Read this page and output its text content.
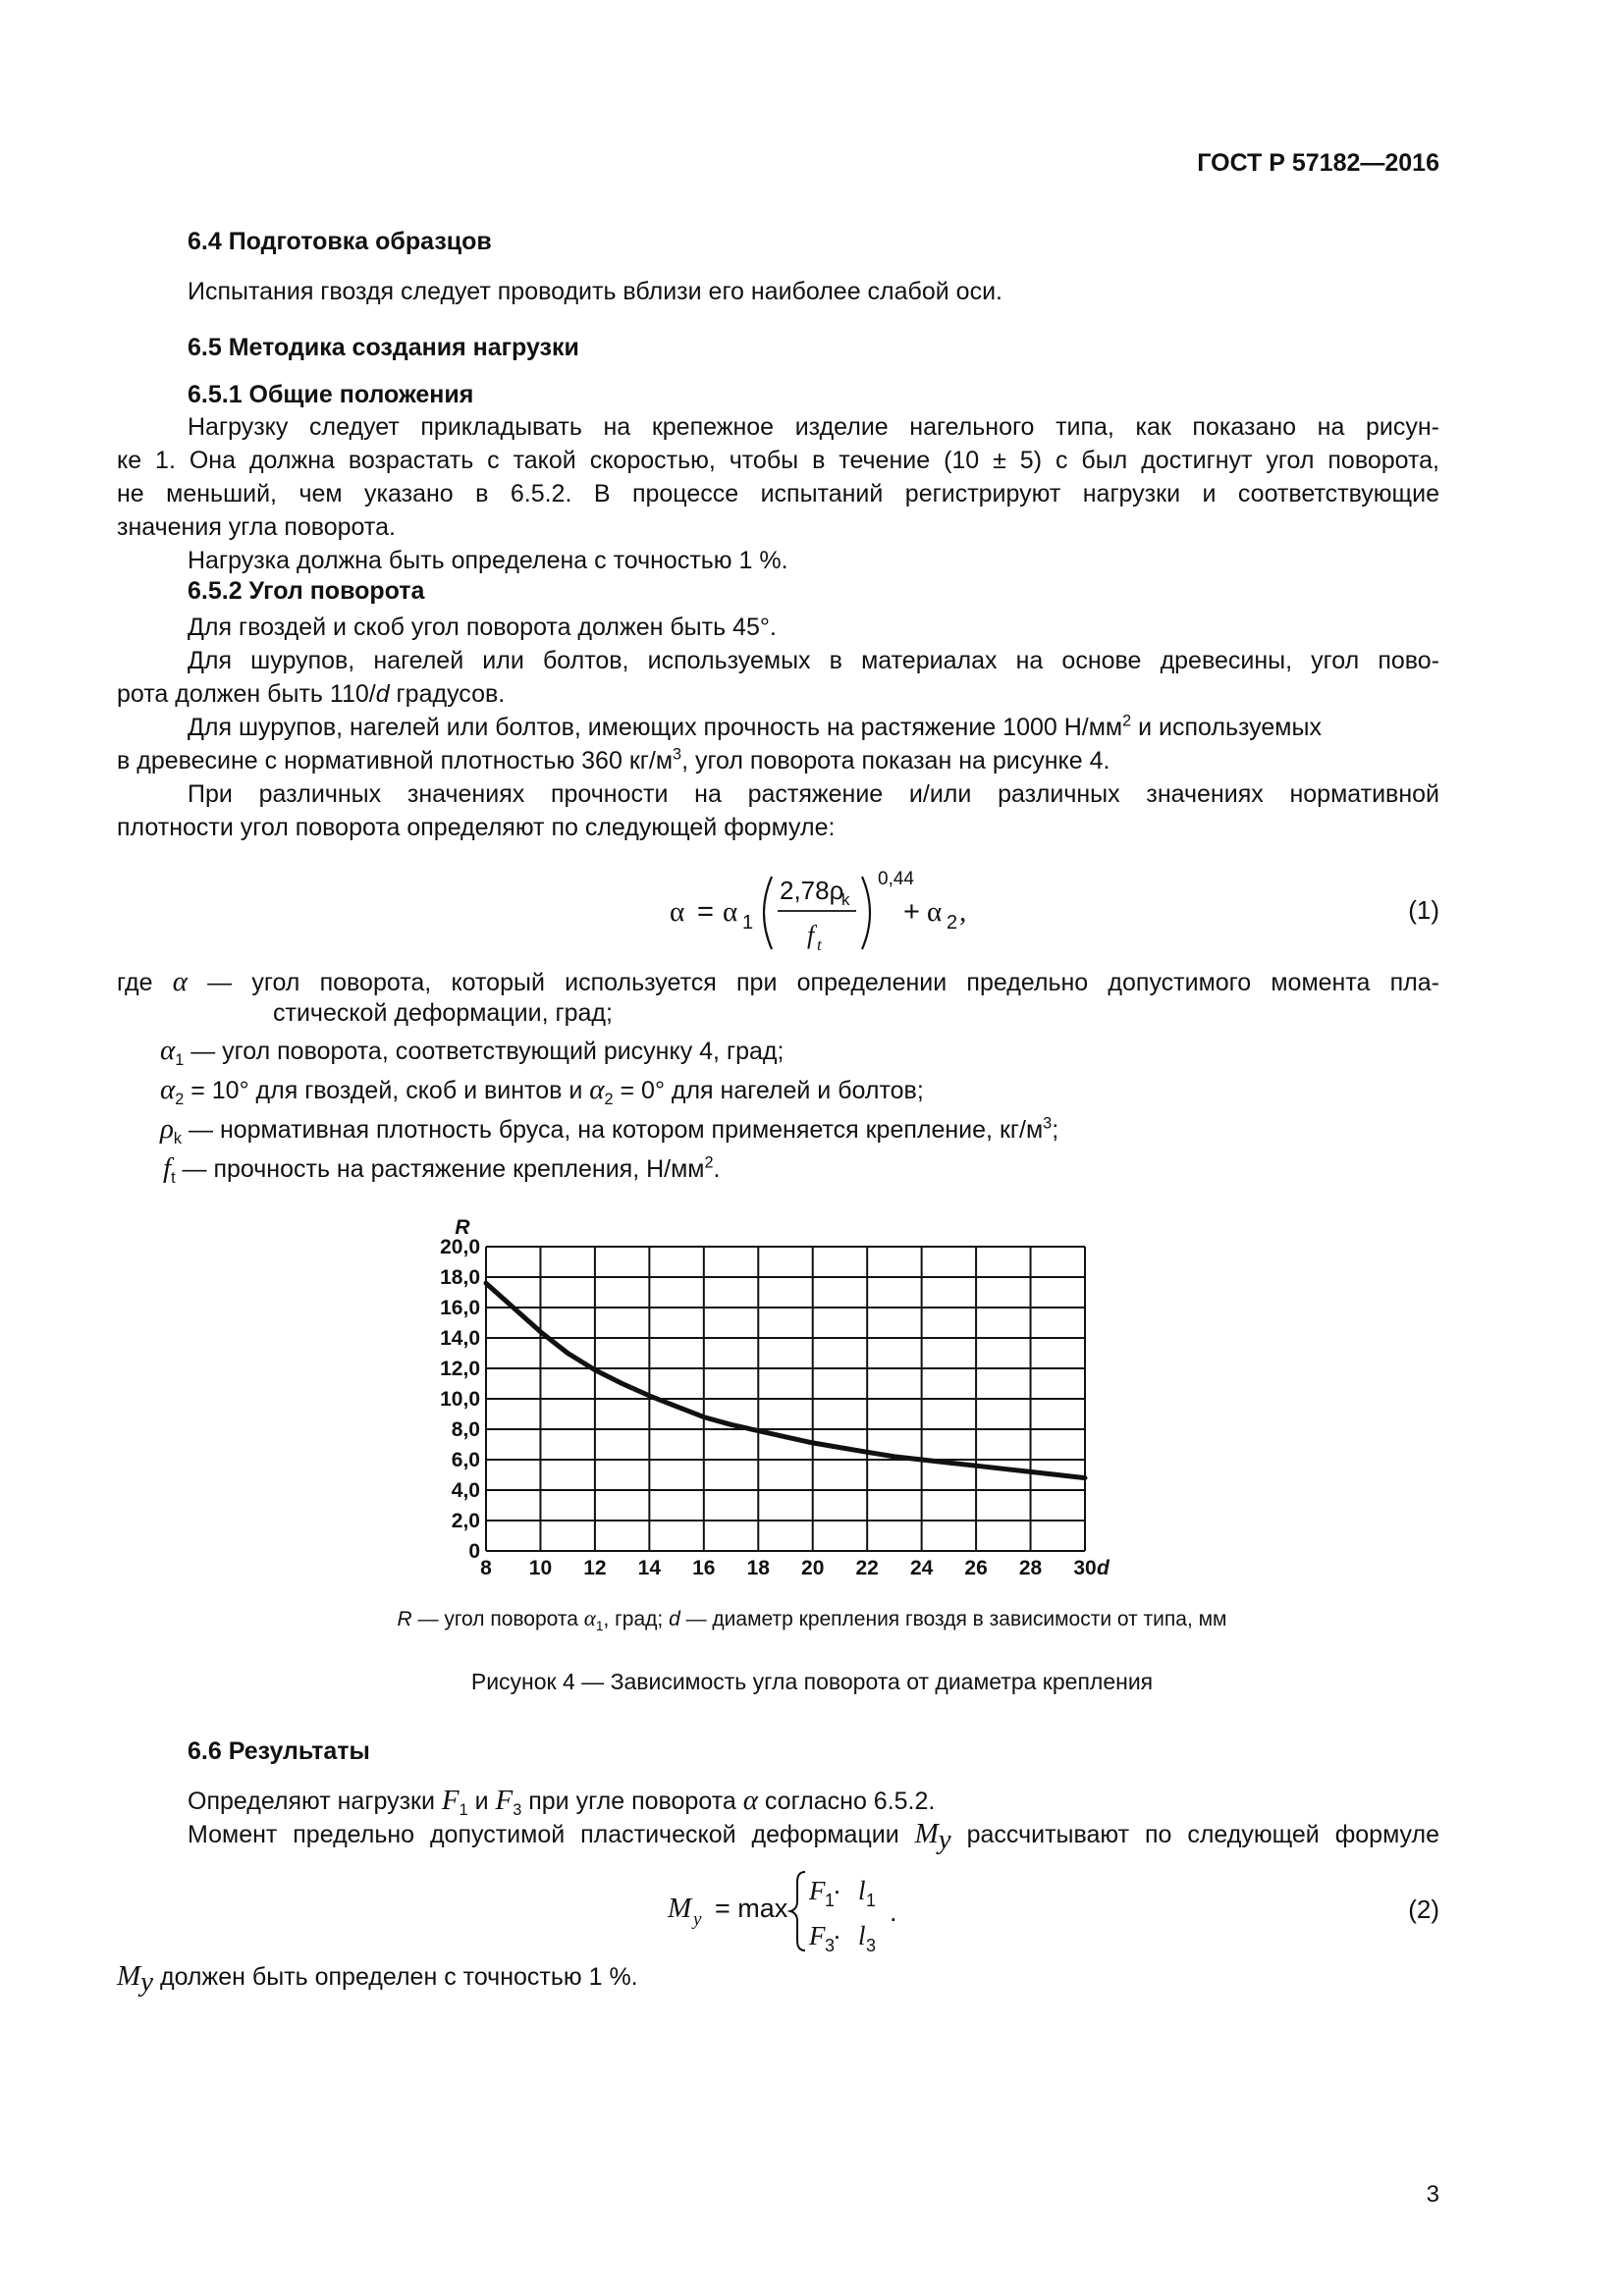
ГОСТ Р 57182—2016
6.4 Подготовка образцов
Испытания гвоздя следует проводить вблизи его наиболее слабой оси.
6.5 Методика создания нагрузки
6.5.1 Общие положения

Нагрузку следует прикладывать на крепежное изделие нагельного типа, как показано на рисун-

ке 1. Она должна возрастать с такой скоростью, чтобы в течение (10 ± 5) с был достигнут угол поворота,

не меньший, чем указано в 6.5.2. В процессе испытаний регистрируют нагрузки и соответствующие

значения угла поворота.

Нагрузка должна быть определена с точностью 1 %.

6.5.2 Угол поворота

Для гвоздей и скоб угол поворота должен быть 45°.

Для шурупов, нагелей или болтов, используемых в материалах на основе древесины, угол пово-

рота должен быть 110/d градусов.

Для шурупов, нагелей или болтов, имеющих прочность на растяжение 1000 $Н/мм^2$ и используемых

в древесине с нормативной плотностью 360 $кг/м^3$, угол поворота показан на рисунке 4.

При различных значениях прочности на растяжение и/или различных значениях нормативной

плотности угол поворота определяют по следующей формуле:

α = α 1
2,78ρ
k
f t
0,44
+ α 2 ,	(1)
где α — угол поворота, который используется при определении предельно допустимого момента пла-
стической деформации, град;
$\alpha_1$ — угол поворота, соответствующий рисунку 4, град;
$\alpha_2 = 10^\circ$ для гвоздей, скоб и винтов и $\alpha_2 = 0^\circ$ для нагелей и болтов;
$\rho_k$ — нормативная плотность бруса, на котором применяется крепление, $кг/м^3$;
$f_t$ — прочность на растяжение крепления, $Н/мм^2$.
8 10 12 14 16 18 20 22 24 26 28 30
0
2,0
4,0
6,0
8,0
10,0
12,0
14,0
16,0
18,0
20,0
R
d
R — угол поворота $\alpha_1$, град; d — диаметр крепления гвоздя в зависимости от типа, мм
Рисунок 4 — Зависимость угла поворота от диаметра крепления
6.6 Результаты
Определяют нагрузки $F_1$ и $F_3$ при угле поворота α согласно 6.5.2.
Момент предельно допустимой пластической деформации $M_y$ рассчитывают по следующей формуле
M y = max
F 1
· l 1
F 3
· l 3
.	(2)
$M_y$ должен быть определен с точностью 1 %.
3
